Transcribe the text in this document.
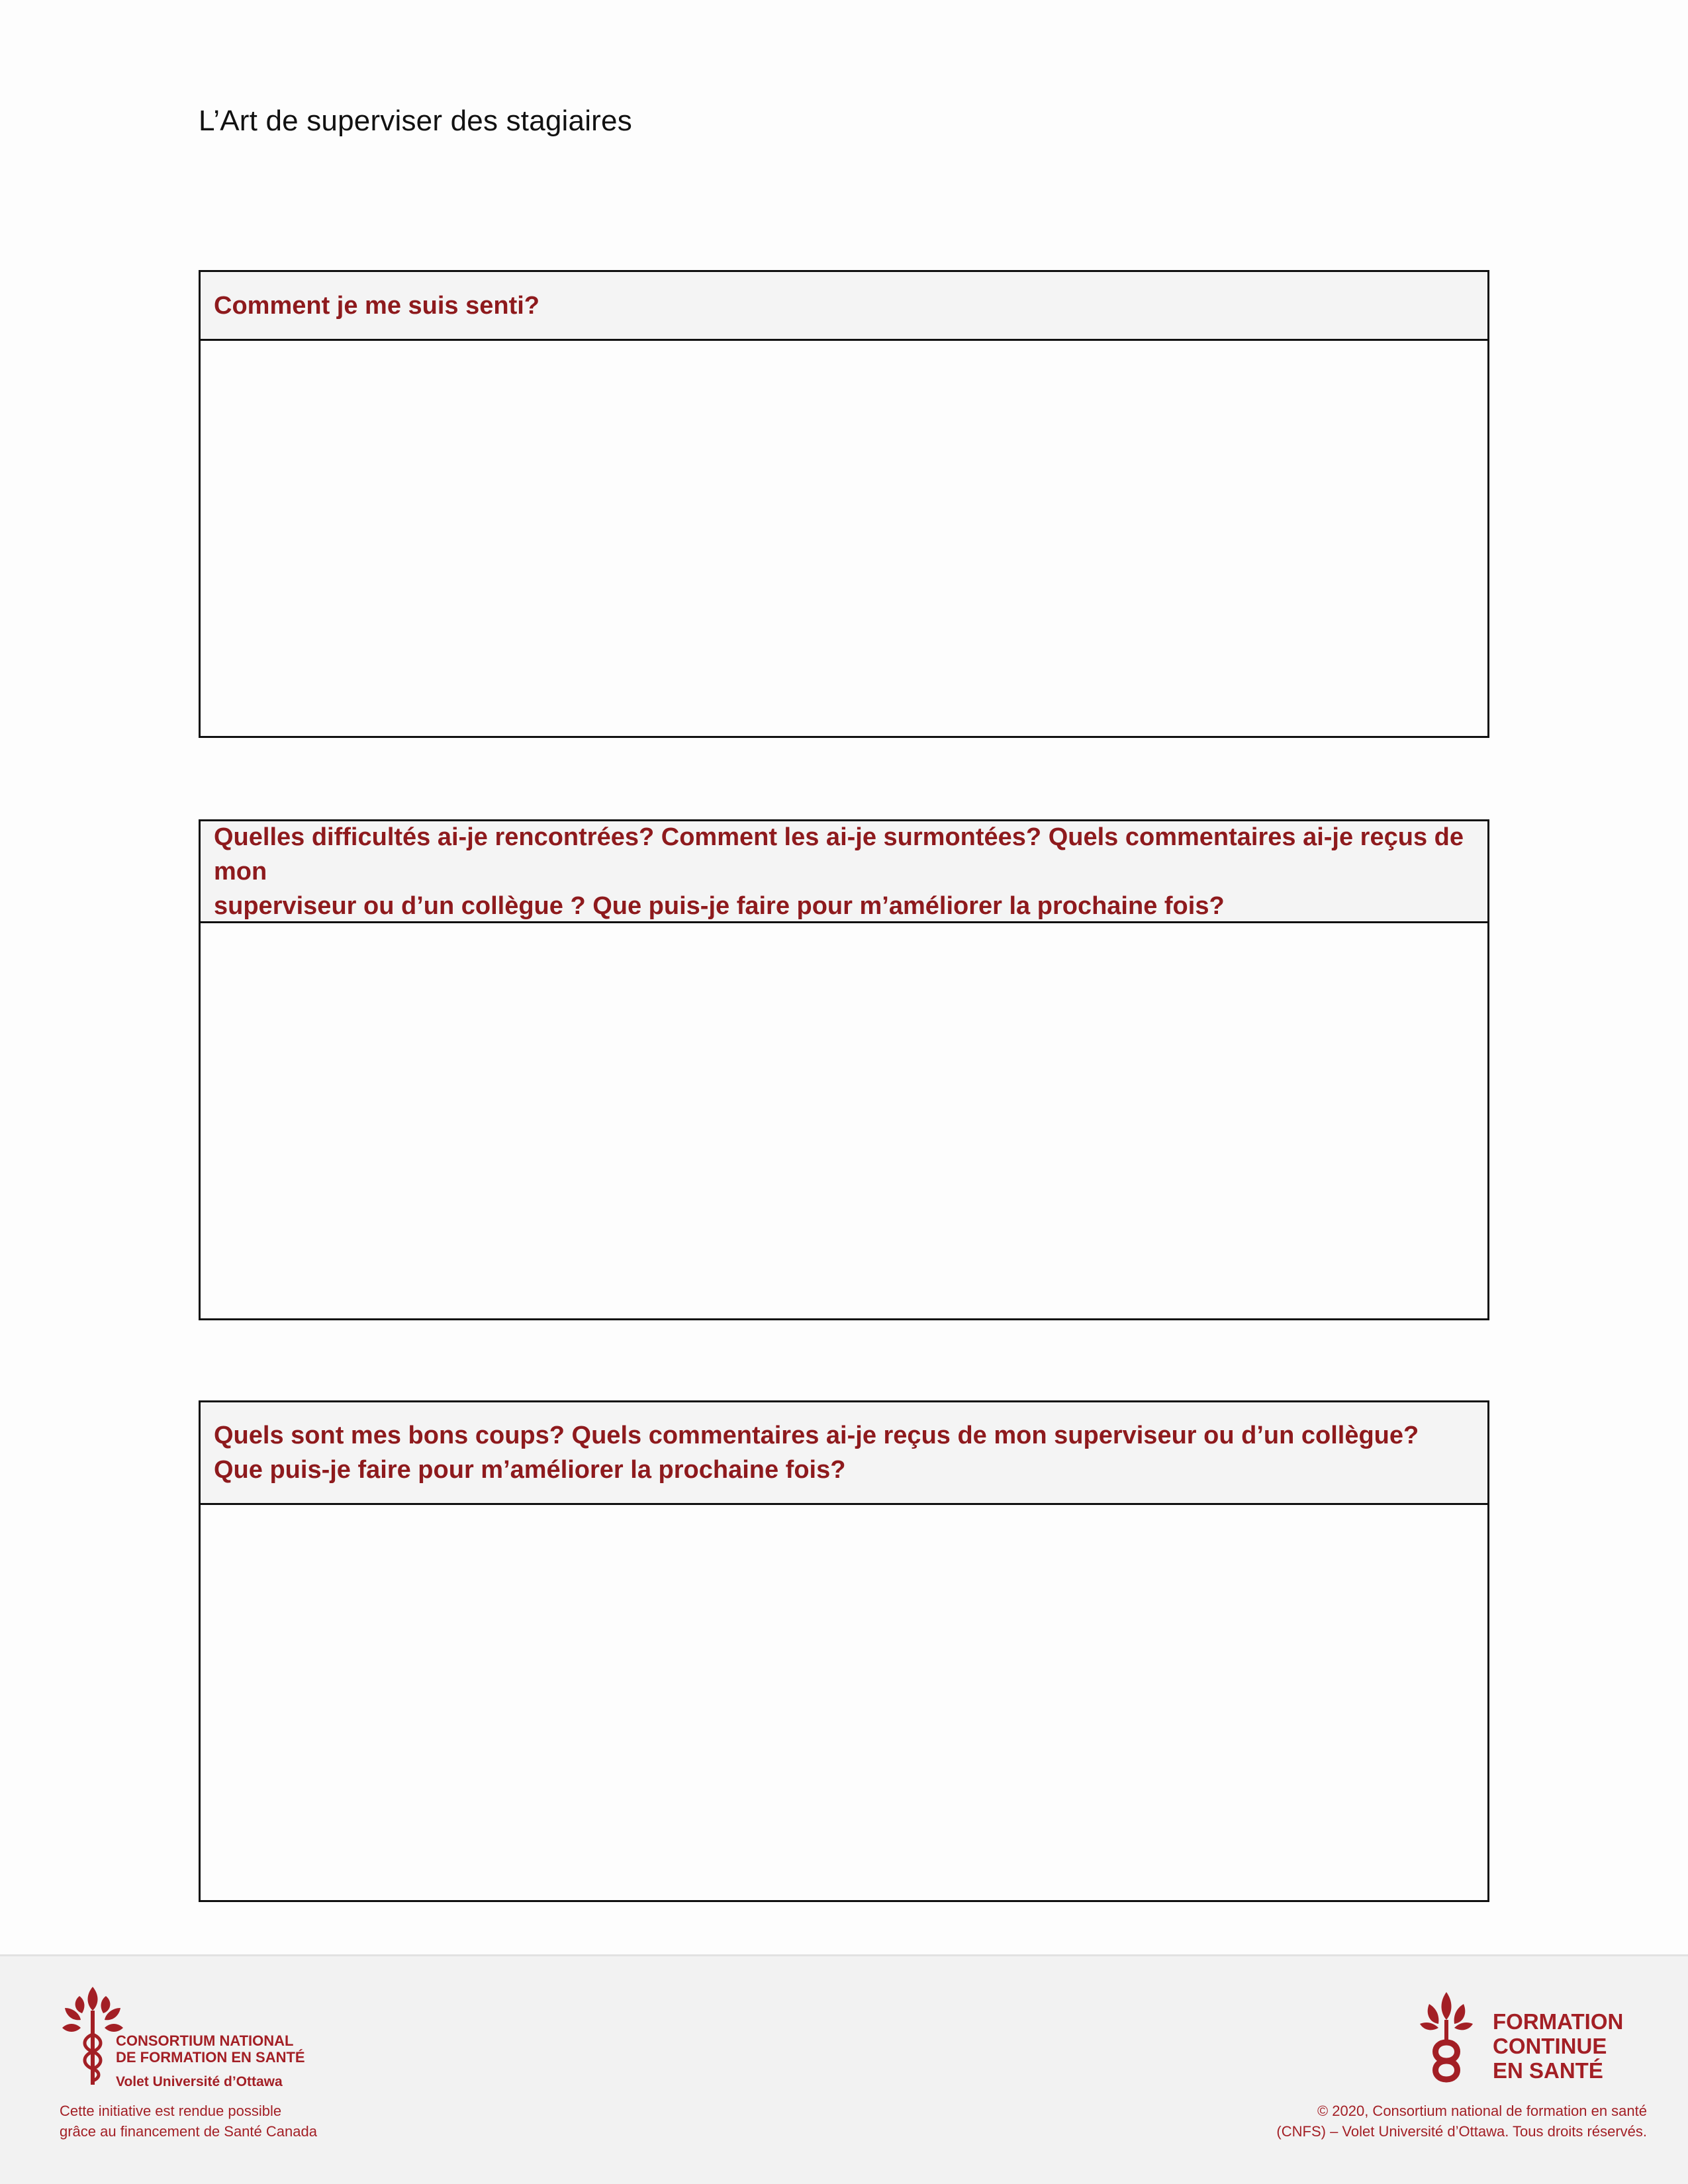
L’Art de superviser des stagiaires
Comment je me suis senti?
Quelles difficultés ai-je rencontrées? Comment les ai-je surmontées? Quels commentaires ai-je reçus de mon
superviseur ou d’un collègue ? Que puis-je faire pour m’améliorer la prochaine fois?
Quels sont mes bons coups? Quels commentaires ai-je reçus de mon superviseur ou d’un collègue?
Que puis-je faire pour m’améliorer la prochaine fois?
CONSORTIUM NATIONAL
DE FORMATION EN SANTÉ
Volet Université d’Ottawa
Cette initiative est rendue possible
grâce au financement de Santé Canada
FORMATION
CONTINUE
EN SANTÉ
© 2020, Consortium national de formation en santé
(CNFS) – Volet Université d’Ottawa. Tous droits réservés.
